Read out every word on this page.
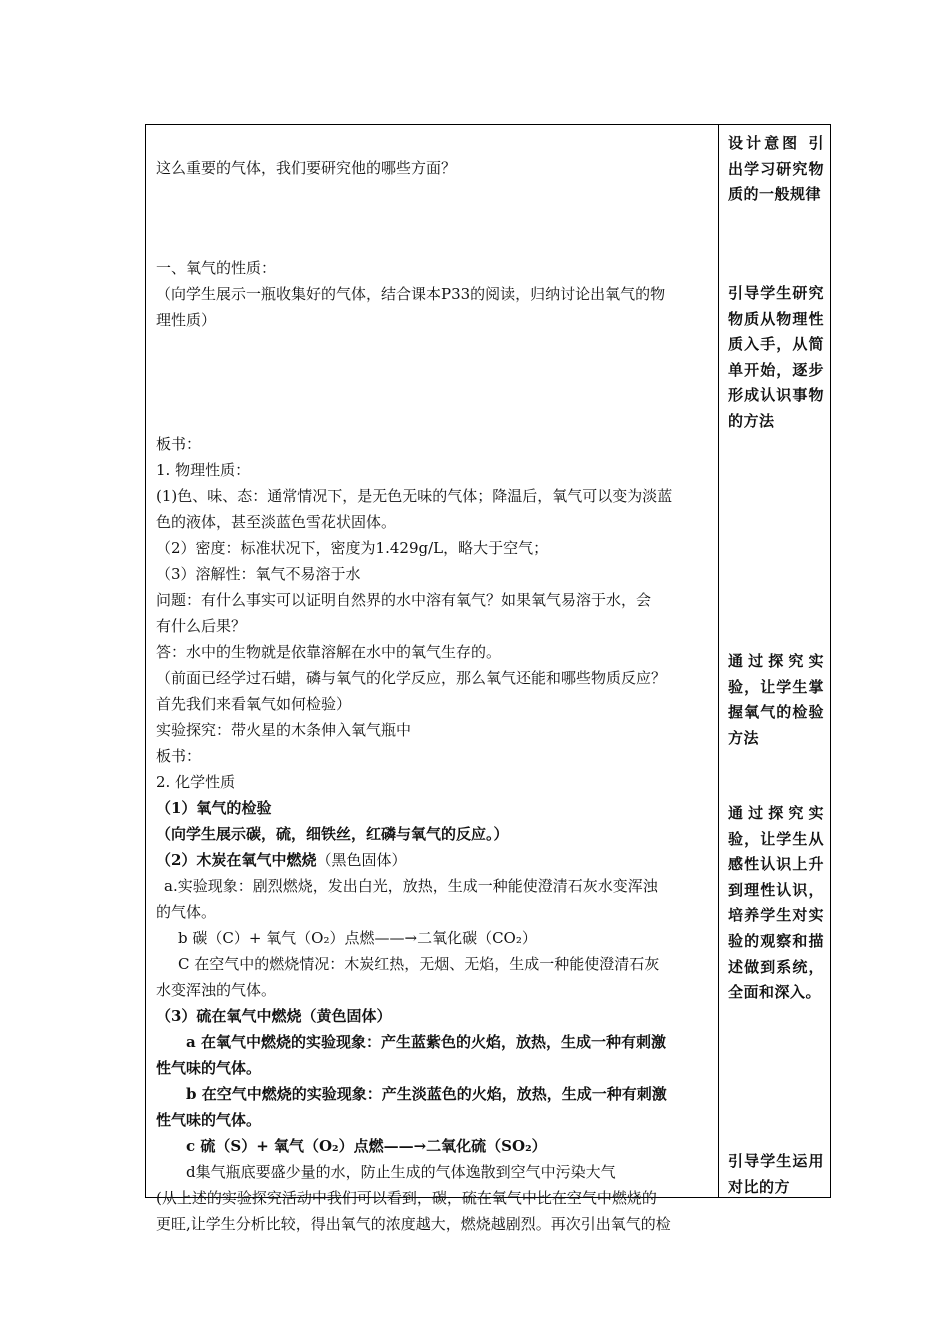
这么重要的气体，我们要研究他的哪些方面？
一、氧气的性质：
（向学生展示一瓶收集好的气体，结合课本P33的阅读，归纳讨论出氧气的物
理性质）
板书：
1. 物理性质：
(1)色、味、态：通常情况下，是无色无味的气体；降温后，氧气可以变为淡蓝
色的液体，甚至淡蓝色雪花状固体。
（2）密度：标准状况下，密度为1.429g/L，略大于空气；
（3）溶解性：氧气不易溶于水
问题：有什么事实可以证明自然界的水中溶有氧气？如果氧气易溶于水，会
有什么后果？
答：水中的生物就是依靠溶解在水中的氧气生存的。
（前面已经学过石蜡，磷与氧气的化学反应，那么氧气还能和哪些物质反应？
首先我们来看氧气如何检验）
实验探究：带火星的木条伸入氧气瓶中
板书：
2. 化学性质
（1）氧气的检验
（向学生展示碳，硫，细铁丝，红磷与氧气的反应。）
（2）木炭在氧气中燃烧（黑色固体）
a.实验现象：剧烈燃烧，发出白光，放热，生成一种能使澄清石灰水变浑浊
的气体。
b 碳（C）+ 氧气（O₂）点燃——→二氧化碳（CO₂）
C 在空气中的燃烧情况：木炭红热，无烟、无焰，生成一种能使澄清石灰
水变浑浊的气体。
（3）硫在氧气中燃烧（黄色固体）
a 在氧气中燃烧的实验现象：产生蓝紫色的火焰，放热，生成一种有刺激
性气味的气体。
b 在空气中燃烧的实验现象：产生淡蓝色的火焰，放热，生成一种有刺激
性气味的气体。
c 硫（S）+ 氧气（O₂）点燃——→二氧化硫（SO₂）
d集气瓶底要盛少量的水，防止生成的气体逸散到空气中污染大气
(从上述的实验探究活动中我们可以看到，碳，硫在氧气中比在空气中燃烧的
更旺,让学生分析比较，得出氧气的浓度越大，燃烧越剧烈。再次引出氧气的检
设计意图 引出学习研究物质的一般规律
引导学生研究物质从物理性质入手，从简单开始，逐步形成认识事物的方法
通过探究实验，让学生掌握氧气的检验方法
通过探究实验，让学生从感性认识上升到理性认识，培养学生对实验的观察和描述做到系统，全面和深入。
引导学生运用对比的方
